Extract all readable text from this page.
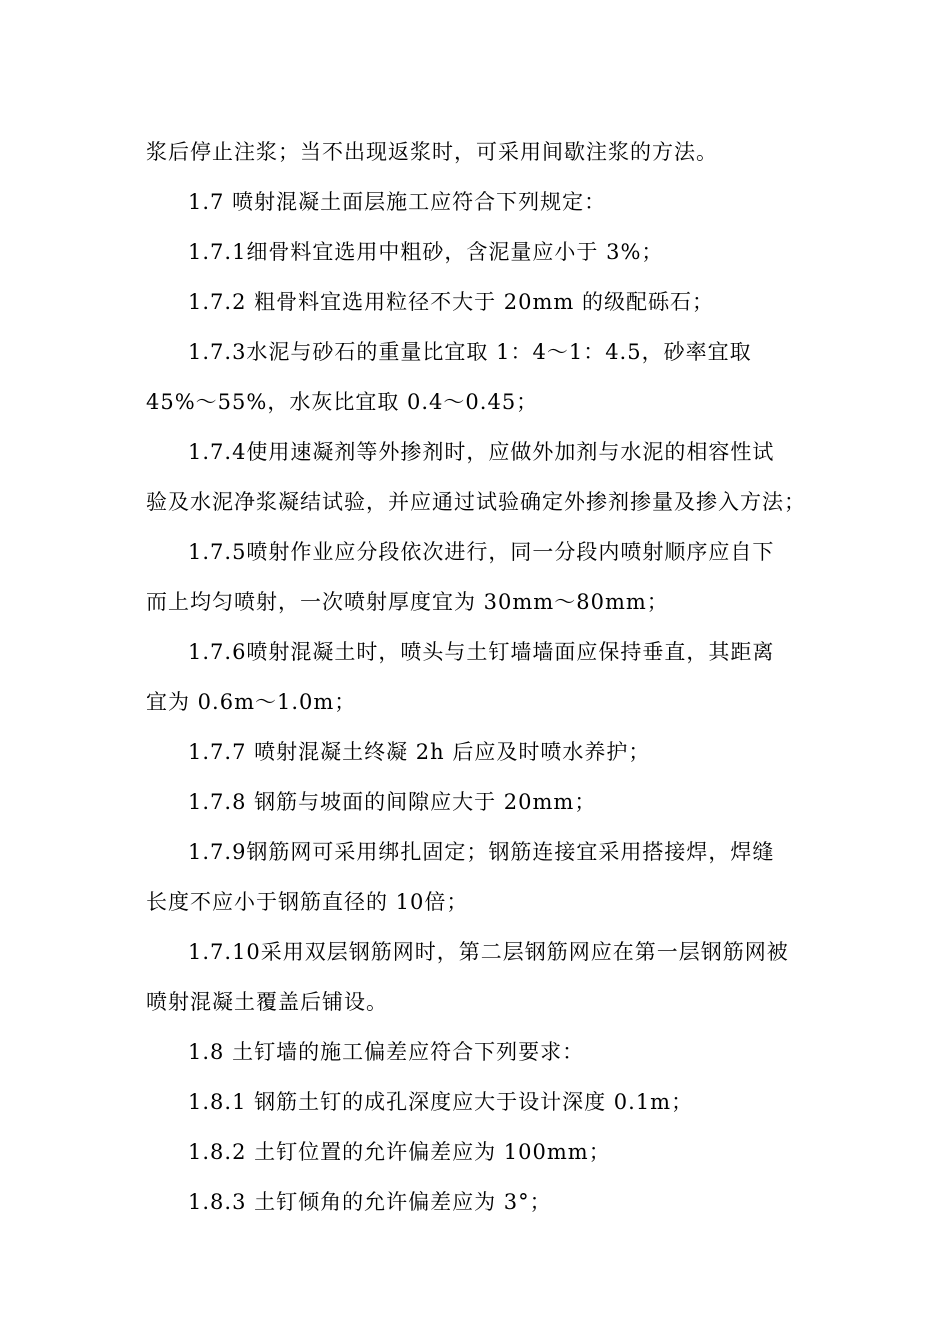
浆后停止注浆；当不出现返浆时，可采用间歇注浆的方法。
1.7 喷射混凝土面层施工应符合下列规定：
1.7.1细骨料宜选用中粗砂，含泥量应小于 3%；
1.7.2 粗骨料宜选用粒径不大于 20mm 的级配砾石；
1.7.3水泥与砂石的重量比宜取 1：4～1：4.5，砂率宜取
45%～55%，水灰比宜取 0.4～0.45；
1.7.4使用速凝剂等外掺剂时，应做外加剂与水泥的相容性试
验及水泥净浆凝结试验，并应通过试验确定外掺剂掺量及掺入方法；
1.7.5喷射作业应分段依次进行，同一分段内喷射顺序应自下
而上均匀喷射，一次喷射厚度宜为 30mm～80mm；
1.7.6喷射混凝土时，喷头与土钉墙墙面应保持垂直，其距离
宜为 0.6m～1.0m；
1.7.7 喷射混凝土终凝 2h 后应及时喷水养护；
1.7.8 钢筋与坡面的间隙应大于 20mm；
1.7.9钢筋网可采用绑扎固定；钢筋连接宜采用搭接焊，焊缝
长度不应小于钢筋直径的 10倍；
1.7.10采用双层钢筋网时，第二层钢筋网应在第一层钢筋网被
喷射混凝土覆盖后铺设。
1.8 土钉墙的施工偏差应符合下列要求：
1.8.1 钢筋土钉的成孔深度应大于设计深度 0.1m；
1.8.2 土钉位置的允许偏差应为 100mm；
1.8.3 土钉倾角的允许偏差应为 3°；
